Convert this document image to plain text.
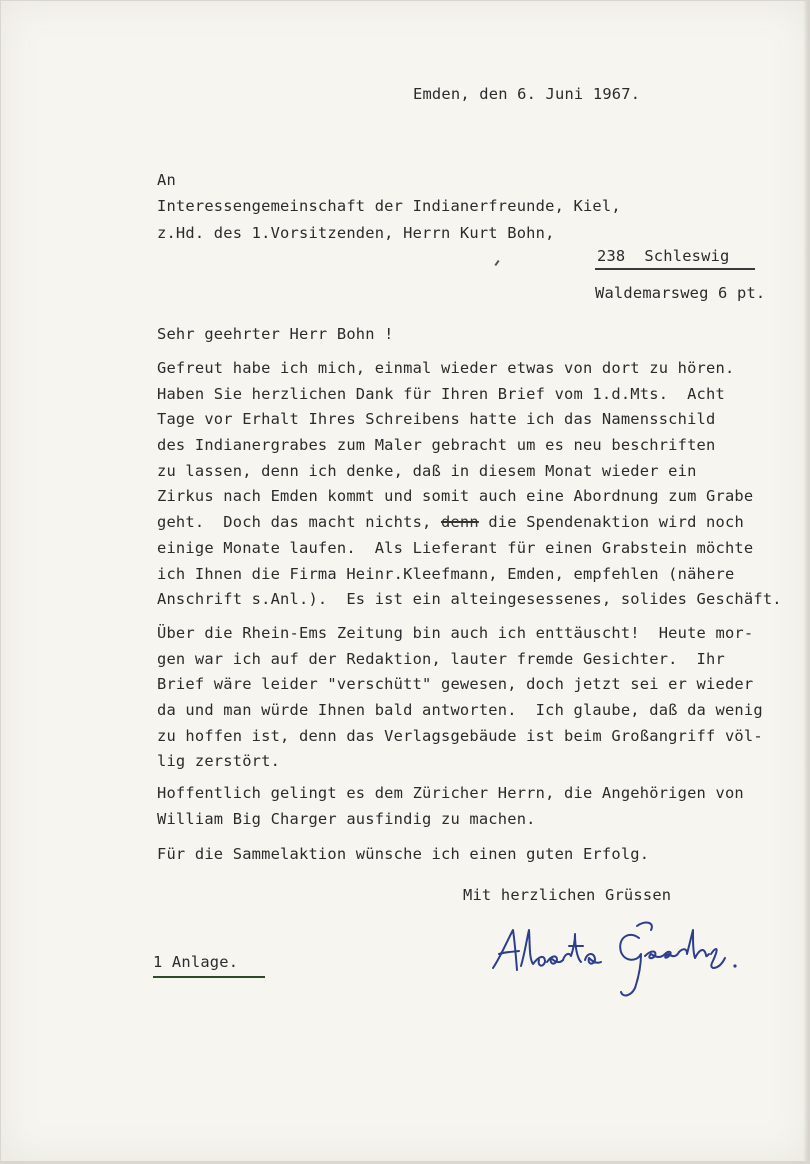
Emden, den 6. Juni 1967.
An
Interessengemeinschaft der Indianerfreunde, Kiel,
z.Hd. des 1.Vorsitzenden, Herrn Kurt Bohn,
238  Schleswig
Waldemarsweg 6 pt.
Sehr geehrter Herr Bohn !
Gefreut habe ich mich, einmal wieder etwas von dort zu hören.
Haben Sie herzlichen Dank für Ihren Brief vom 1.d.Mts.  Acht
Tage vor Erhalt Ihres Schreibens hatte ich das Namensschild
des Indianergrabes zum Maler gebracht um es neu beschriften
zu lassen, denn ich denke, daß in diesem Monat wieder ein
Zirkus nach Emden kommt und somit auch eine Abordnung zum Grabe
geht.  Doch das macht nichts, denn die Spendenaktion wird noch
einige Monate laufen.  Als Lieferant für einen Grabstein möchte
ich Ihnen die Firma Heinr.Kleefmann, Emden, empfehlen (nähere
Anschrift s.Anl.).  Es ist ein alteingesessenes, solides Geschäft.
Über die Rhein-Ems Zeitung bin auch ich enttäuscht!  Heute mor-
gen war ich auf der Redaktion, lauter fremde Gesichter.  Ihr
Brief wäre leider "verschütt" gewesen, doch jetzt sei er wieder
da und man würde Ihnen bald antworten.  Ich glaube, daß da wenig
zu hoffen ist, denn das Verlagsgebäude ist beim Großangriff völ-
lig zerstört.
Hoffentlich gelingt es dem Züricher Herrn, die Angehörigen von
William Big Charger ausfindig zu machen.
Für die Sammelaktion wünsche ich einen guten Erfolg.
Mit herzlichen Grüssen
1 Anlage.
